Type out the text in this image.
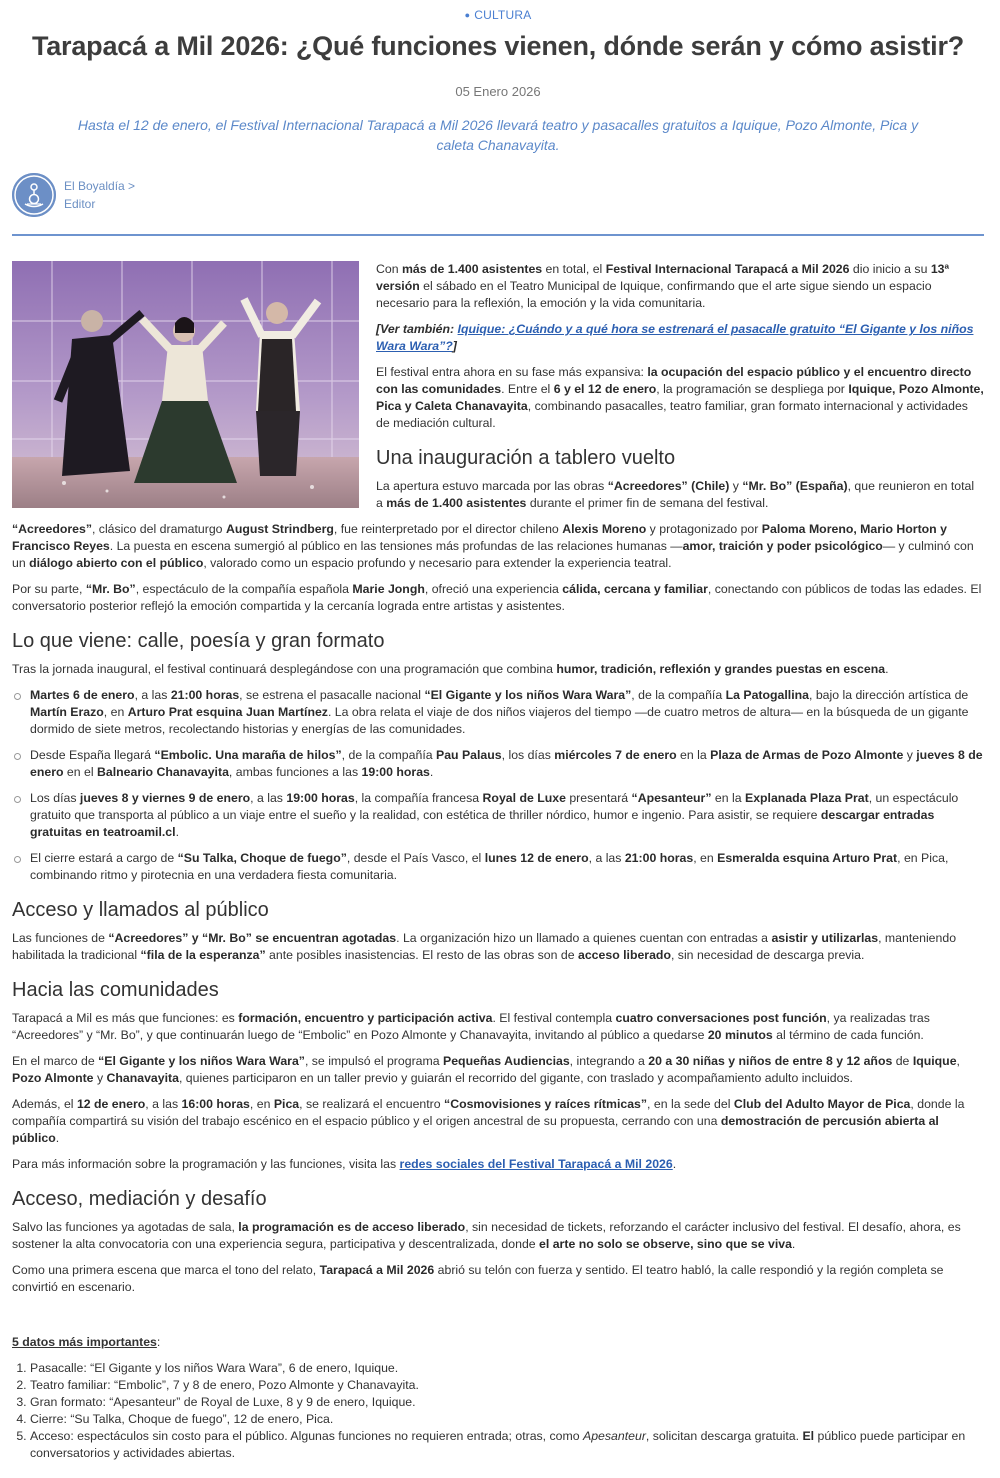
● CULTURA
Tarapacá a Mil 2026: ¿Qué funciones vienen, dónde serán y cómo asistir?
05 Enero 2026

Hasta el 12 de enero, el Festival Internacional Tarapacá a Mil 2026 llevará teatro y pasacalles gratuitos a Iquique, Pozo Almonte, Pica y caleta Chanavayita.

El Boyaldía >
Editor

Con más de 1.400 asistentes en total, el Festival Internacional Tarapacá a Mil 2026 dio inicio a su 13ª versión el sábado en el Teatro Municipal de Iquique, confirmando que el arte sigue siendo un espacio necesario para la reflexión, la emoción y la vida comunitaria.

[Ver también: Iquique: ¿Cuándo y a qué hora se estrenará el pasacalle gratuito “El Gigante y los niños Wara Wara”?]

El festival entra ahora en su fase más expansiva: la ocupación del espacio público y el encuentro directo con las comunidades. Entre el 6 y el 12 de enero, la programación se despliega por Iquique, Pozo Almonte, Pica y Caleta Chanavayita, combinando pasacalles, teatro familiar, gran formato internacional y actividades de mediación cultural.

Una inauguración a tablero vuelto

La apertura estuvo marcada por las obras “Acreedores” (Chile) y “Mr. Bo” (España), que reunieron en total a más de 1.400 asistentes durante el primer fin de semana del festival.

“Acreedores”, clásico del dramaturgo August Strindberg, fue reinterpretado por el director chileno Alexis Moreno y protagonizado por Paloma Moreno, Mario Horton y Francisco Reyes. La puesta en escena sumergió al público en las tensiones más profundas de las relaciones humanas —amor, traición y poder psicológico— y culminó con un diálogo abierto con el público, valorado como un espacio profundo y necesario para extender la experiencia teatral.

Por su parte, “Mr. Bo”, espectáculo de la compañía española Marie Jongh, ofreció una experiencia cálida, cercana y familiar, conectando con públicos de todas las edades. El conversatorio posterior reflejó la emoción compartida y la cercanía lograda entre artistas y asistentes.

Lo que viene: calle, poesía y gran formato

Tras la jornada inaugural, el festival continuará desplegándose con una programación que combina humor, tradición, reflexión y grandes puestas en escena.

Martes 6 de enero, a las 21:00 horas, se estrena el pasacalle nacional “El Gigante y los niños Wara Wara”, de la compañía La Patogallina, bajo la dirección artística de Martín Erazo, en Arturo Prat esquina Juan Martínez. La obra relata el viaje de dos niños viajeros del tiempo —de cuatro metros de altura— en la búsqueda de un gigante dormido de siete metros, recolectando historias y energías de las comunidades.
Desde España llegará “Embolic. Una maraña de hilos”, de la compañía Pau Palaus, los días miércoles 7 de enero en la Plaza de Armas de Pozo Almonte y jueves 8 de enero en el Balneario Chanavayita, ambas funciones a las 19:00 horas.
Los días jueves 8 y viernes 9 de enero, a las 19:00 horas, la compañía francesa Royal de Luxe presentará “Apesanteur” en la Explanada Plaza Prat, un espectáculo gratuito que transporta al público a un viaje entre el sueño y la realidad, con estética de thriller nórdico, humor e ingenio. Para asistir, se requiere descargar entradas gratuitas en teatroamil.cl.
El cierre estará a cargo de “Su Talka, Choque de fuego”, desde el País Vasco, el lunes 12 de enero, a las 21:00 horas, en Esmeralda esquina Arturo Prat, en Pica, combinando ritmo y pirotecnia en una verdadera fiesta comunitaria.
Acceso y llamados al público

Las funciones de “Acreedores” y “Mr. Bo” se encuentran agotadas. La organización hizo un llamado a quienes cuentan con entradas a asistir y utilizarlas, manteniendo habilitada la tradicional “fila de la esperanza” ante posibles inasistencias. El resto de las obras son de acceso liberado, sin necesidad de descarga previa.

Hacia las comunidades

Tarapacá a Mil es más que funciones: es formación, encuentro y participación activa. El festival contempla cuatro conversaciones post función, ya realizadas tras “Acreedores” y “Mr. Bo”, y que continuarán luego de “Embolic” en Pozo Almonte y Chanavayita, invitando al público a quedarse 20 minutos al término de cada función.

En el marco de “El Gigante y los niños Wara Wara”, se impulsó el programa Pequeñas Audiencias, integrando a 20 a 30 niñas y niños de entre 8 y 12 años de Iquique, Pozo Almonte y Chanavayita, quienes participaron en un taller previo y guiarán el recorrido del gigante, con traslado y acompañamiento adulto incluidos.

Además, el 12 de enero, a las 16:00 horas, en Pica, se realizará el encuentro “Cosmovisiones y raíces rítmicas”, en la sede del Club del Adulto Mayor de Pica, donde la compañía compartirá su visión del trabajo escénico en el espacio público y el origen ancestral de su propuesta, cerrando con una demostración de percusión abierta al público.

Para más información sobre la programación y las funciones, visita las redes sociales del Festival Tarapacá a Mil 2026.

Acceso, mediación y desafío

Salvo las funciones ya agotadas de sala, la programación es de acceso liberado, sin necesidad de tickets, reforzando el carácter inclusivo del festival. El desafío, ahora, es sostener la alta convocatoria con una experiencia segura, participativa y descentralizada, donde el arte no solo se observe, sino que se viva.

Como una primera escena que marca el tono del relato, Tarapacá a Mil 2026 abrió su telón con fuerza y sentido. El teatro habló, la calle respondió y la región completa se convirtió en escenario.

5 datos más importantes:

1. Pasacalle: “El Gigante y los niños Wara Wara”, 6 de enero, Iquique.
2. Teatro familiar: “Embolic”, 7 y 8 de enero, Pozo Almonte y Chanavayita.
3. Gran formato: “Apesanteur” de Royal de Luxe, 8 y 9 de enero, Iquique.
4. Cierre: “Su Talka, Choque de fuego”, 12 de enero, Pica.
5. Acceso: espectáculos sin costo para el público. Algunas funciones no requieren entrada; otras, como Apesanteur, solicitan descarga gratuita. El público puede participar en conversatorios y actividades abiertas.
